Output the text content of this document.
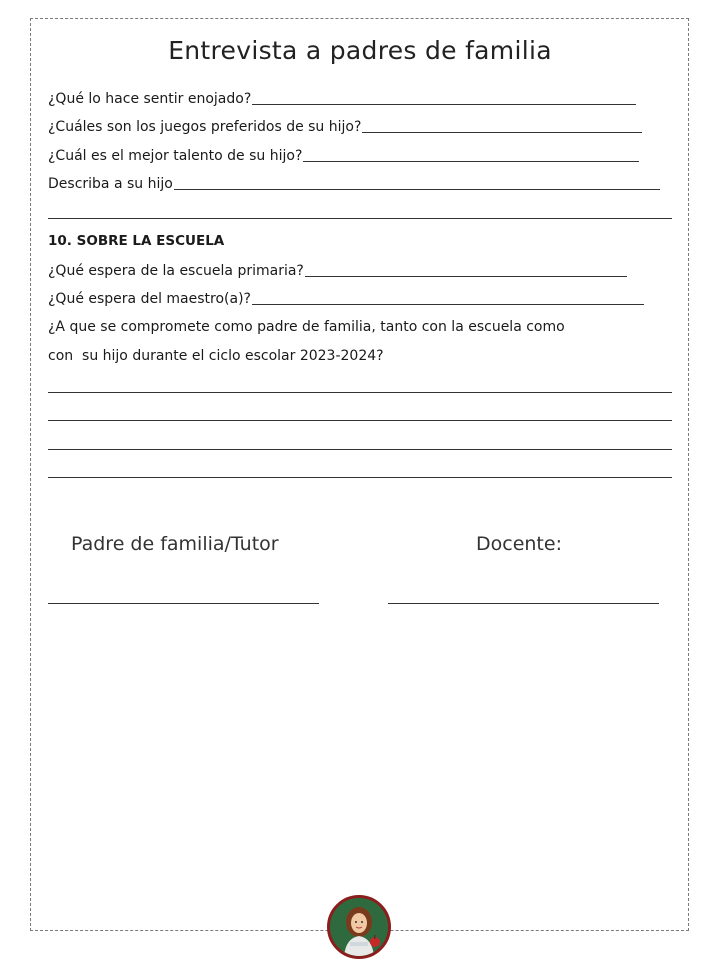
Entrevista a padres de familia
¿Qué lo hace sentir enojado?
¿Cuáles son los juegos preferidos de su hijo?
¿Cuál es el mejor talento de su hijo?
Describa a su hijo
10. SOBRE LA ESCUELA
¿Qué espera de la escuela primaria?
¿Qué espera del maestro(a)?
¿A que se compromete como padre de familia, tanto con la escuela como
con  su hijo durante el ciclo escolar 2023-2024?
Padre de familia/Tutor	Docente:
